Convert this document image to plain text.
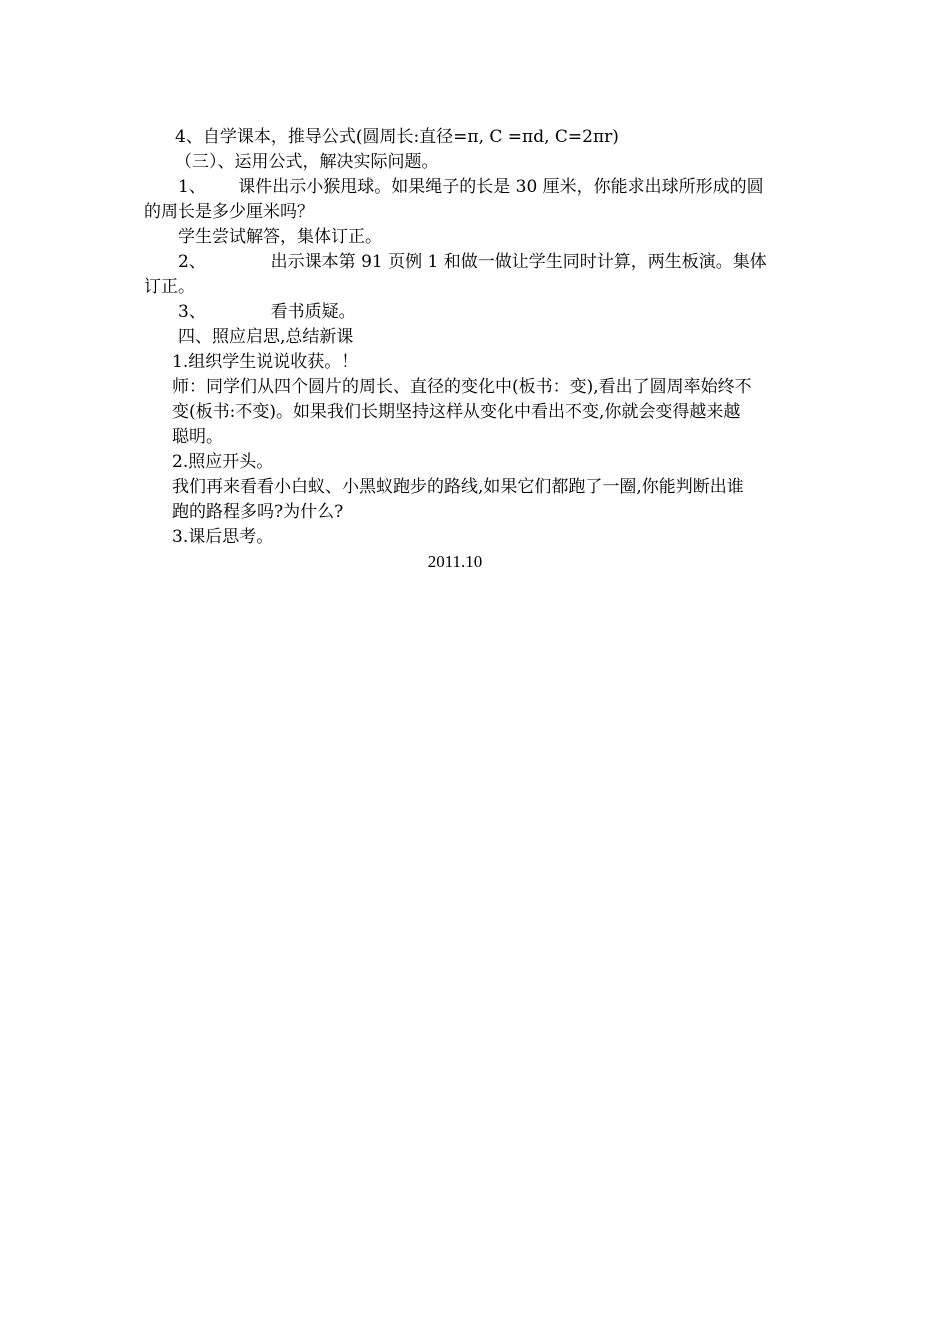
4、自学课本，推导公式(圆周长:直径=π, C =πd, C=2πr)
（三）、运用公式，解决实际问题。
1、      课件出示小猴甩球。如果绳子的长是 30 厘米，你能求出球所形成的圆
的周长是多少厘米吗？
学生尝试解答，集体订正。
2、            出示课本第 91 页例 1 和做一做让学生同时计算，两生板演。集体
订正。
3、            看书质疑。
四、照应启思,总结新课
1.组织学生说说收获。！
师：同学们从四个圆片的周长、直径的变化中(板书：变),看出了圆周率始终不
变(板书:不变)。如果我们长期坚持这样从变化中看出不变,你就会变得越来越
聪明。
2.照应开头。
我们再来看看小白蚁、小黑蚁跑步的路线,如果它们都跑了一圈,你能判断出谁
跑的路程多吗?为什么?
3.课后思考。
2011.10
